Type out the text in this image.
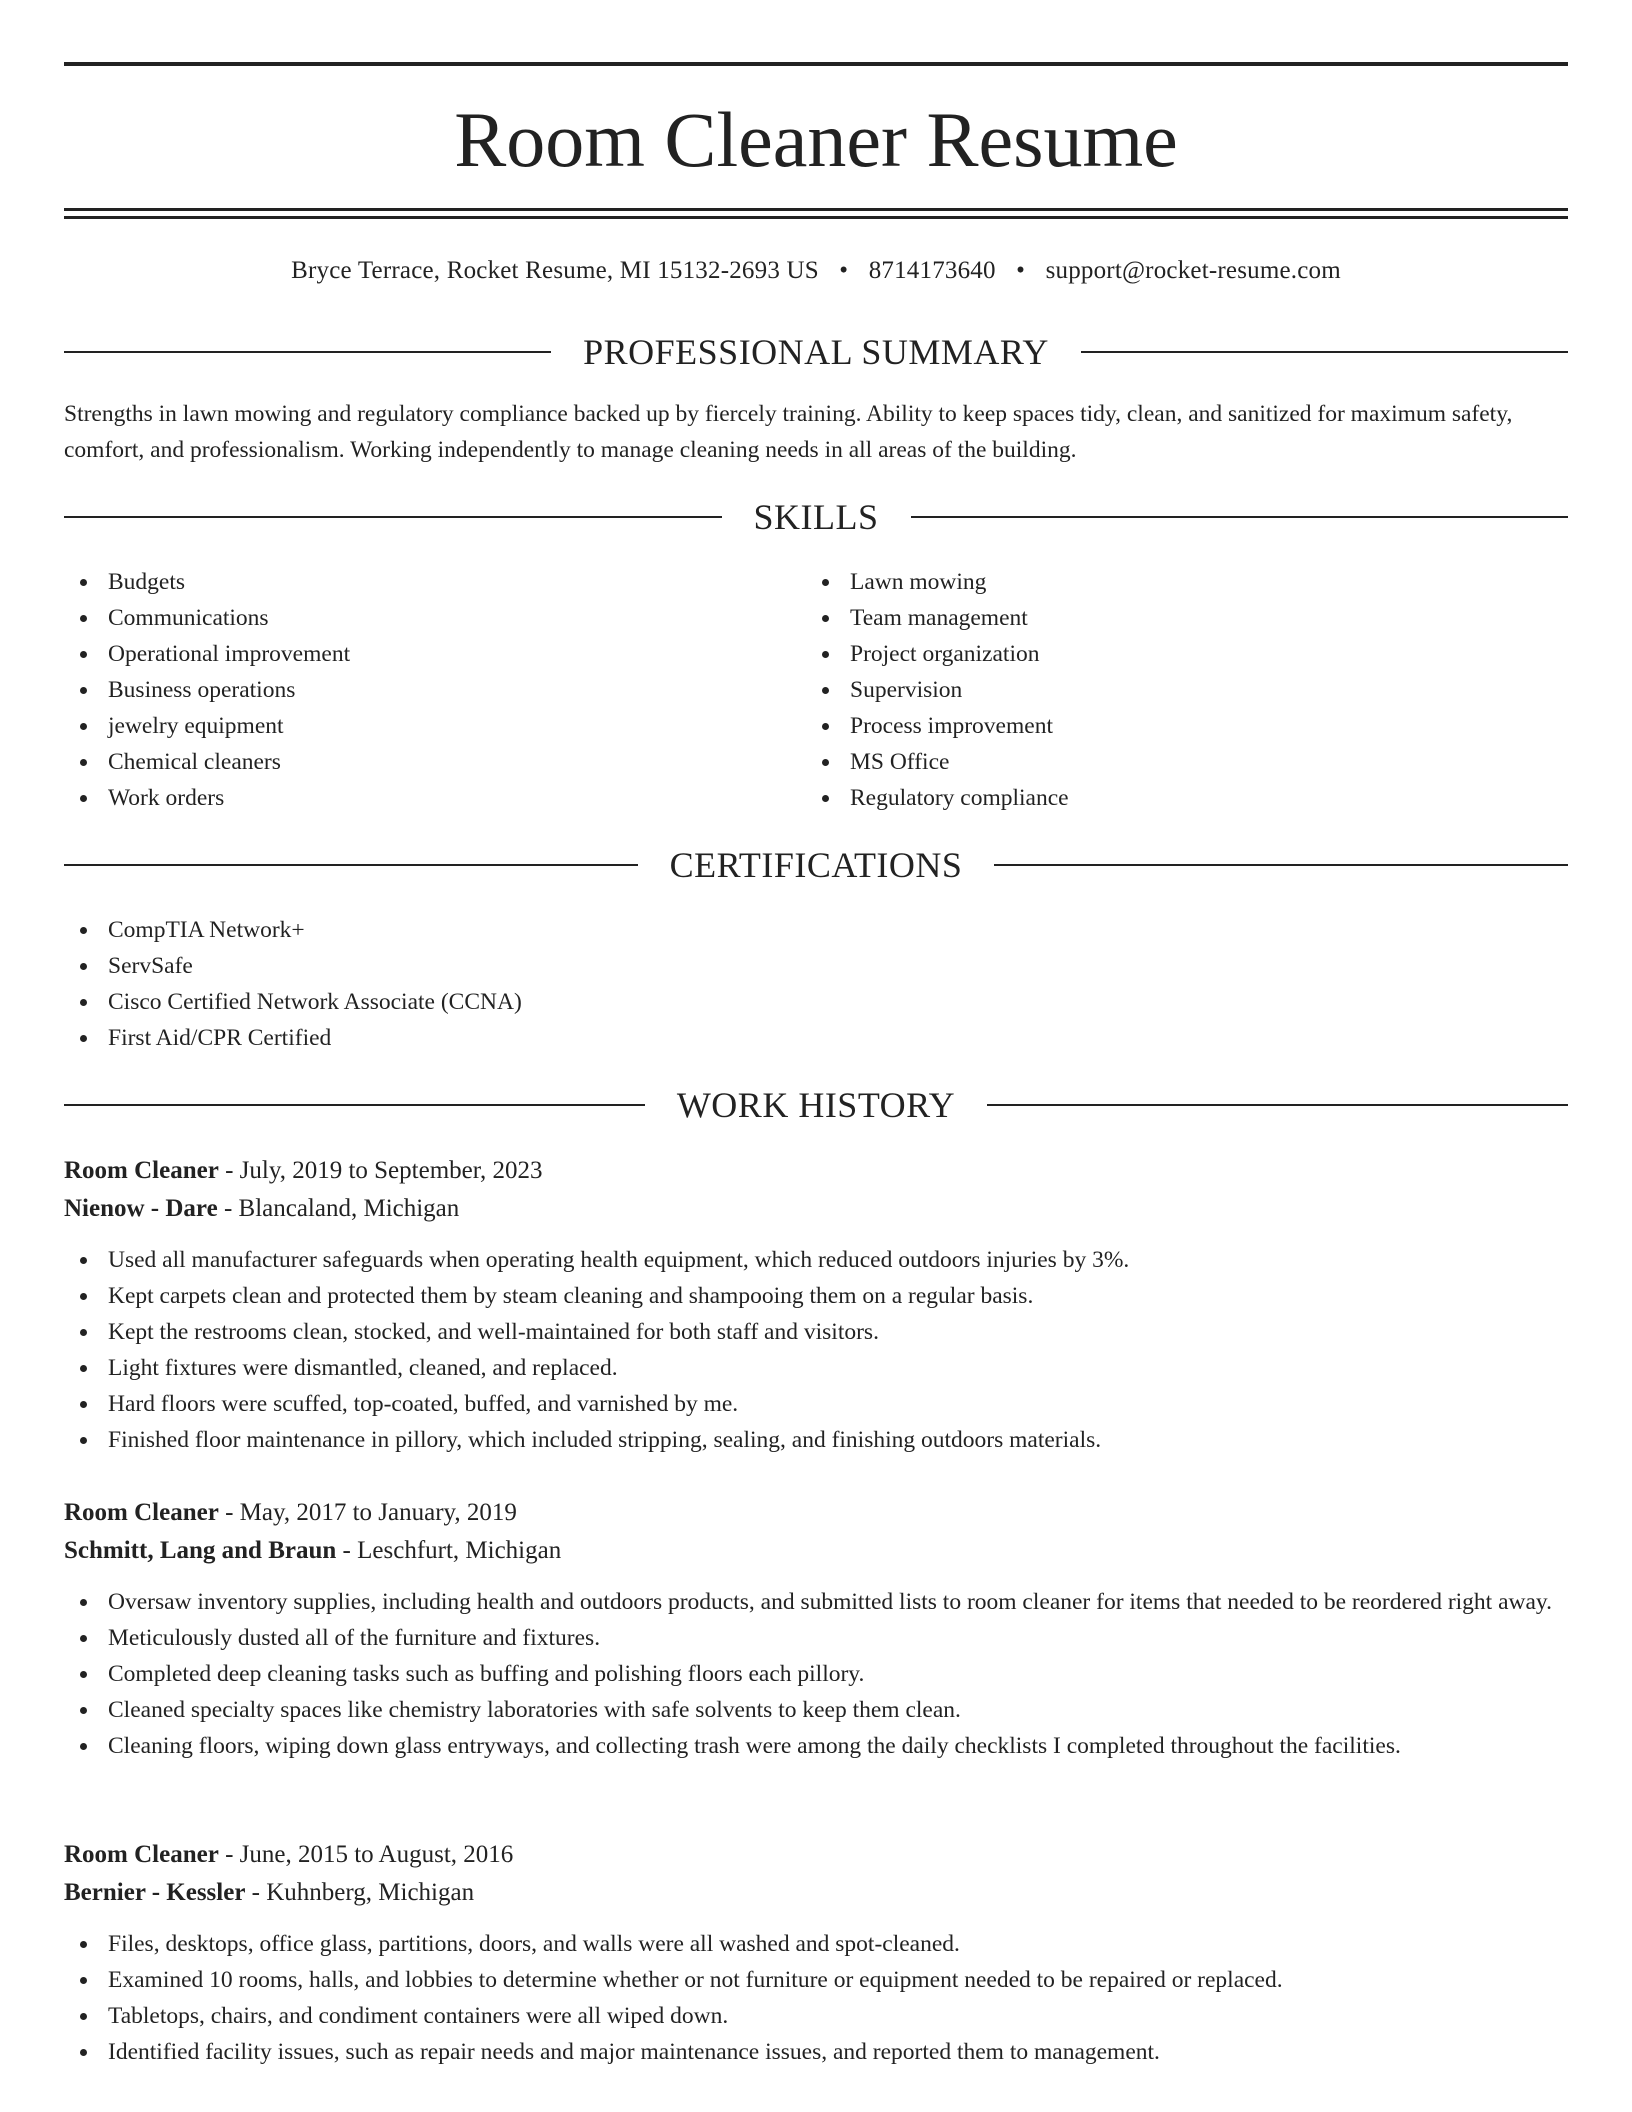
Room Cleaner Resume
Bryce Terrace, Rocket Resume, MI 15132-2693 US • 8714173640 • support@rocket-resume.com
PROFESSIONAL SUMMARY

Strengths in lawn mowing and regulatory compliance backed up by fiercely training. Ability to keep spaces tidy, clean, and sanitized for maximum safety, comfort, and professionalism. Working independently to manage cleaning needs in all areas of the building.

SKILLS
Budgets
Communications
Operational improvement
Business operations
jewelry equipment
Chemical cleaners
Work orders
Lawn mowing
Team management
Project organization
Supervision
Process improvement
MS Office
Regulatory compliance
CERTIFICATIONS
CompTIA Network+
ServSafe
Cisco Certified Network Associate (CCNA)
First Aid/CPR Certified
WORK HISTORY
Room Cleaner - July, 2019 to September, 2023
Nienow - Dare - Blancaland, Michigan
Used all manufacturer safeguards when operating health equipment, which reduced outdoors injuries by 3%.
Kept carpets clean and protected them by steam cleaning and shampooing them on a regular basis.
Kept the restrooms clean, stocked, and well-maintained for both staff and visitors.
Light fixtures were dismantled, cleaned, and replaced.
Hard floors were scuffed, top-coated, buffed, and varnished by me.
Finished floor maintenance in pillory, which included stripping, sealing, and finishing outdoors materials.
Room Cleaner - May, 2017 to January, 2019
Schmitt, Lang and Braun - Leschfurt, Michigan
Oversaw inventory supplies, including health and outdoors products, and submitted lists to room cleaner for items that needed to be reordered right away.
Meticulously dusted all of the furniture and fixtures.
Completed deep cleaning tasks such as buffing and polishing floors each pillory.
Cleaned specialty spaces like chemistry laboratories with safe solvents to keep them clean.
Cleaning floors, wiping down glass entryways, and collecting trash were among the daily checklists I completed throughout the facilities.
Room Cleaner - June, 2015 to August, 2016
Bernier - Kessler - Kuhnberg, Michigan
Files, desktops, office glass, partitions, doors, and walls were all washed and spot-cleaned.
Examined 10 rooms, halls, and lobbies to determine whether or not furniture or equipment needed to be repaired or replaced.
Tabletops, chairs, and condiment containers were all wiped down.
Identified facility issues, such as repair needs and major maintenance issues, and reported them to management.
